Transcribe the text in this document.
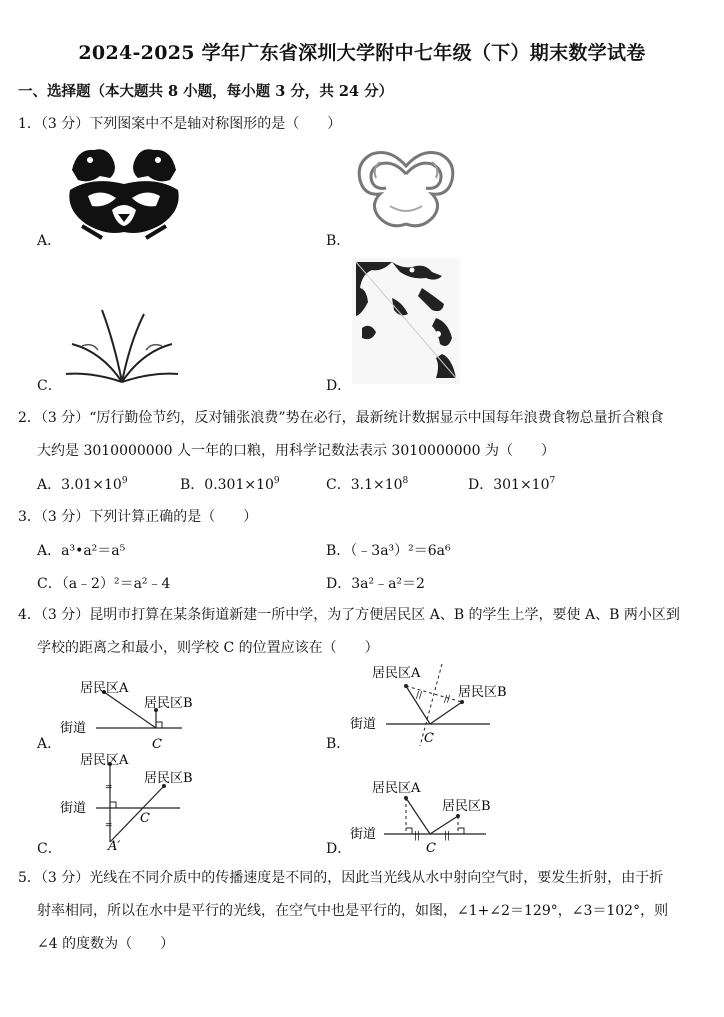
2024-2025 学年广东省深圳大学附中七年级（下）期末数学试卷
一、选择题（本大题共 8 小题，每小题 3 分，共 24 分）
1．（3 分）下列图案中不是轴对称图形的是（　　）
A．	B．
C．	D．
2．（3 分）“厉行勤俭节约，反对铺张浪费”势在必行，最新统计数据显示中国每年浪费食物总量折合粮食
大约是 3010000000 人一年的口粮，用科学记数法表示 3010000000 为（　　）
A．$3.01\times 10^9$	B．$0.301\times 10^9$	C．$3.1\times 10^8$	D．$301\times 10^7$
3．（3 分）下列计算正确的是（　　）
A．a³•a²＝a⁵	B．（﹣3a³）²＝6a⁶
C．（a﹣2）²＝a²﹣4	D．3a²﹣a²＝2
4．（3 分）昆明市打算在某条街道新建一所中学，为了方便居民区 A、B 的学生上学，要使 A、B 两小区到
学校的距离之和最小，则学校 C 的位置应该在（　　）
居民区A
居民区B
街道
C
A．
// //
居民区A
居民区B
街道
C
B．
=
=
居民区A
居民区B
街道
C
A′
C．
||	||
居民区A
居民区B
街道
C
D．
5．（3 分）光线在不同介质中的传播速度是不同的，因此当光线从水中射向空气时，要发生折射，由于折
射率相同，所以在水中是平行的光线，在空气中也是平行的，如图，∠1+∠2＝129°，∠3＝102°，则
∠4 的度数为（　　）
